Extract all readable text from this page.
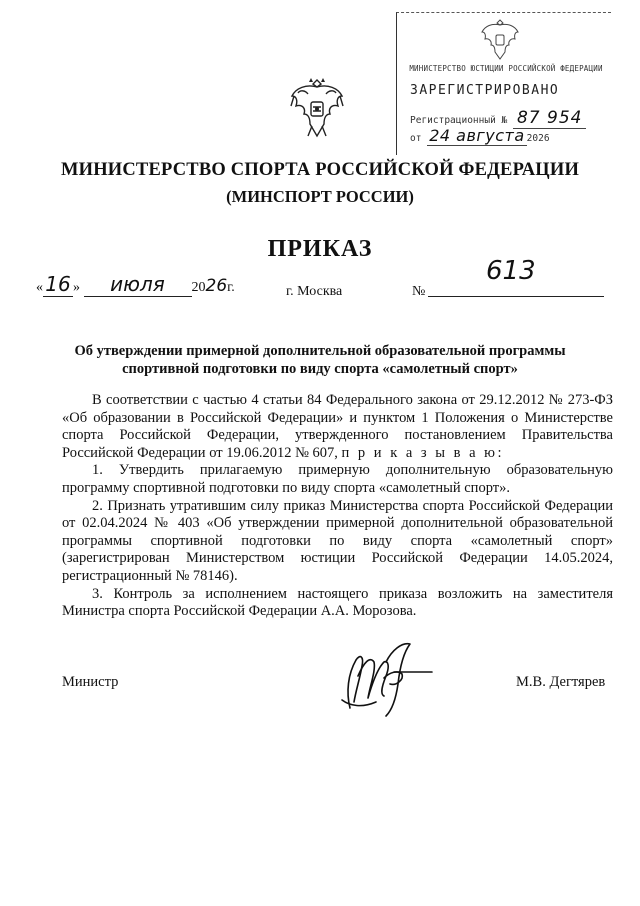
МИНИСТЕРСТВО ЮСТИЦИИ РОССИЙСКОЙ ФЕДЕРАЦИИ
ЗАРЕГИСТРИРОВАНО
Регистрационный № 87 954
от 24 августа 2026
МИНИСТЕРСТВО СПОРТА РОССИЙСКОЙ ФЕДЕРАЦИИ
(МИНСПОРТ РОССИИ)
ПРИКАЗ
« 16 » июля 2026г.	г. Москва	№
613
Об утверждении примерной дополнительной образовательной программы спортивной подготовки по виду спорта «самолетный спорт»

В соответствии с частью 4 статьи 84 Федерального закона от 29.12.2012 № 273-ФЗ «Об образовании в Российской Федерации» и пунктом 1 Положения о Министерстве спорта Российской Федерации, утвержденного постановлением Правительства Российской Федерации от 19.06.2012 № 607, п р и к а з ы в а ю:

1. Утвердить прилагаемую примерную дополнительную образовательную программу спортивной подготовки по виду спорта «самолетный спорт».

2. Признать утратившим силу приказ Министерства спорта Российской Федерации от 02.04.2024 № 403 «Об утверждении примерной дополнительной образовательной программы спортивной подготовки по виду спорта «самолетный спорт» (зарегистрирован Министерством юстиции Российской Федерации 14.05.2024, регистрационный № 78146).

3. Контроль за исполнением настоящего приказа возложить на заместителя Министра спорта Российской Федерации А.А. Морозова.

Министр	М.В. Дегтярев
